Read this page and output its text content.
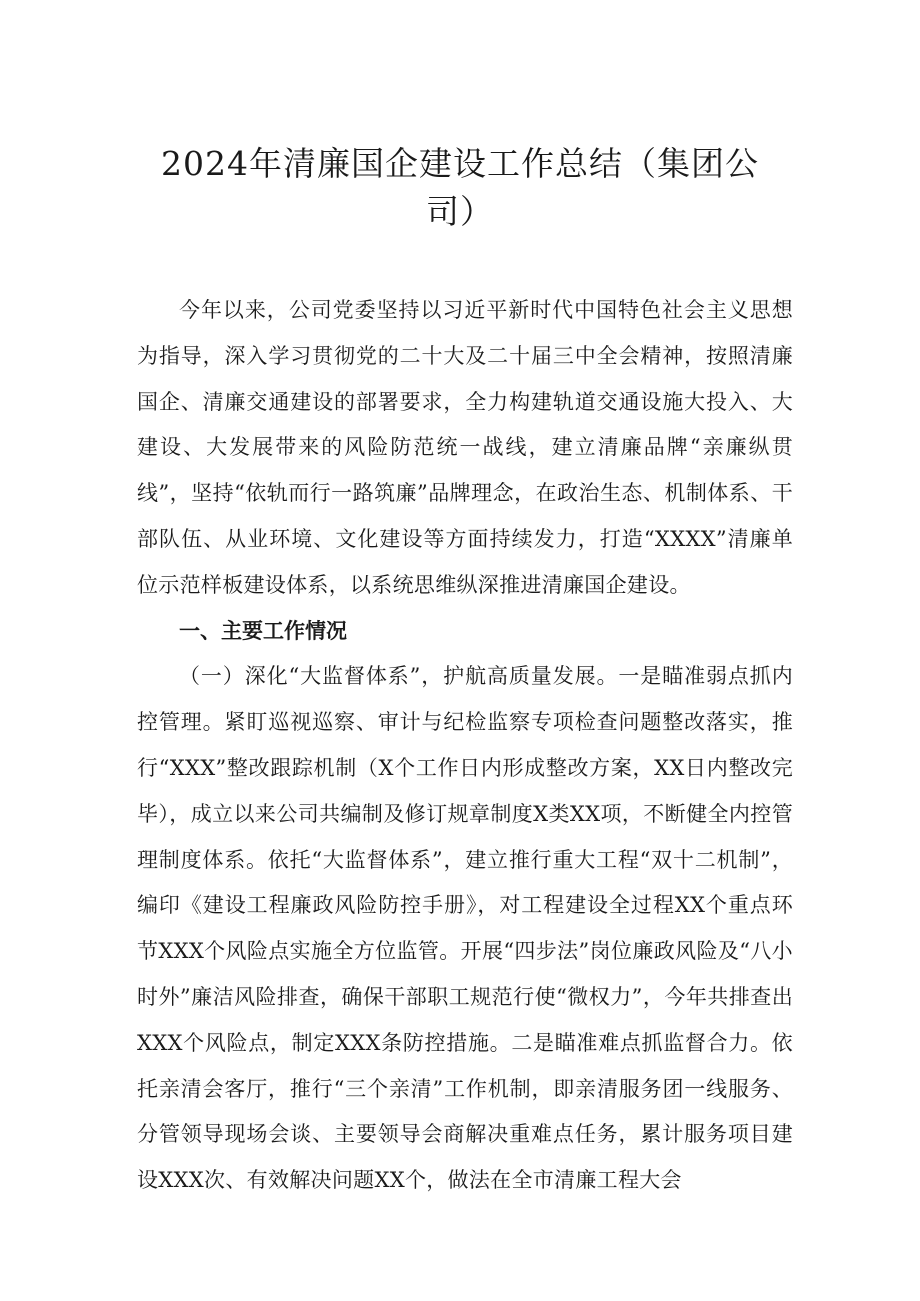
2024年清廉国企建设工作总结（集团公司）

今年以来，公司党委坚持以习近平新时代中国特色社会主义思想为指导，深入学习贯彻党的二十大及二十届三中全会精神，按照清廉国企、清廉交通建设的部署要求，全力构建轨道交通设施大投入、大建设、大发展带来的风险防范统一战线，建立清廉品牌“亲廉纵贯线”，坚持“依轨而行一路筑廉”品牌理念，在政治生态、机制体系、干部队伍、从业环境、文化建设等方面持续发力，打造“XXXX”清廉单位示范样板建设体系，以系统思维纵深推进清廉国企建设。

一、主要工作情况

（一）深化“大监督体系”，护航高质量发展。一是瞄准弱点抓内控管理。紧盯巡视巡察、审计与纪检监察专项检查问题整改落实，推行“XXX”整改跟踪机制（X个工作日内形成整改方案，XX日内整改完毕），成立以来公司共编制及修订规章制度X类XX项，不断健全内控管理制度体系。依托“大监督体系”，建立推行重大工程“双十二机制”，编印《建设工程廉政风险防控手册》，对工程建设全过程XX个重点环节XXX个风险点实施全方位监管。开展“四步法”岗位廉政风险及“八小时外”廉洁风险排查，确保干部职工规范行使“微权力”，今年共排查出XXX个风险点，制定XXX条防控措施。二是瞄准难点抓监督合力。依托亲清会客厅，推行“三个亲清”工作机制，即亲清服务团一线服务、分管领导现场会谈、主要领导会商解决重难点任务，累计服务项目建设XXX次、有效解决问题XX个，做法在全市清廉工程大会
